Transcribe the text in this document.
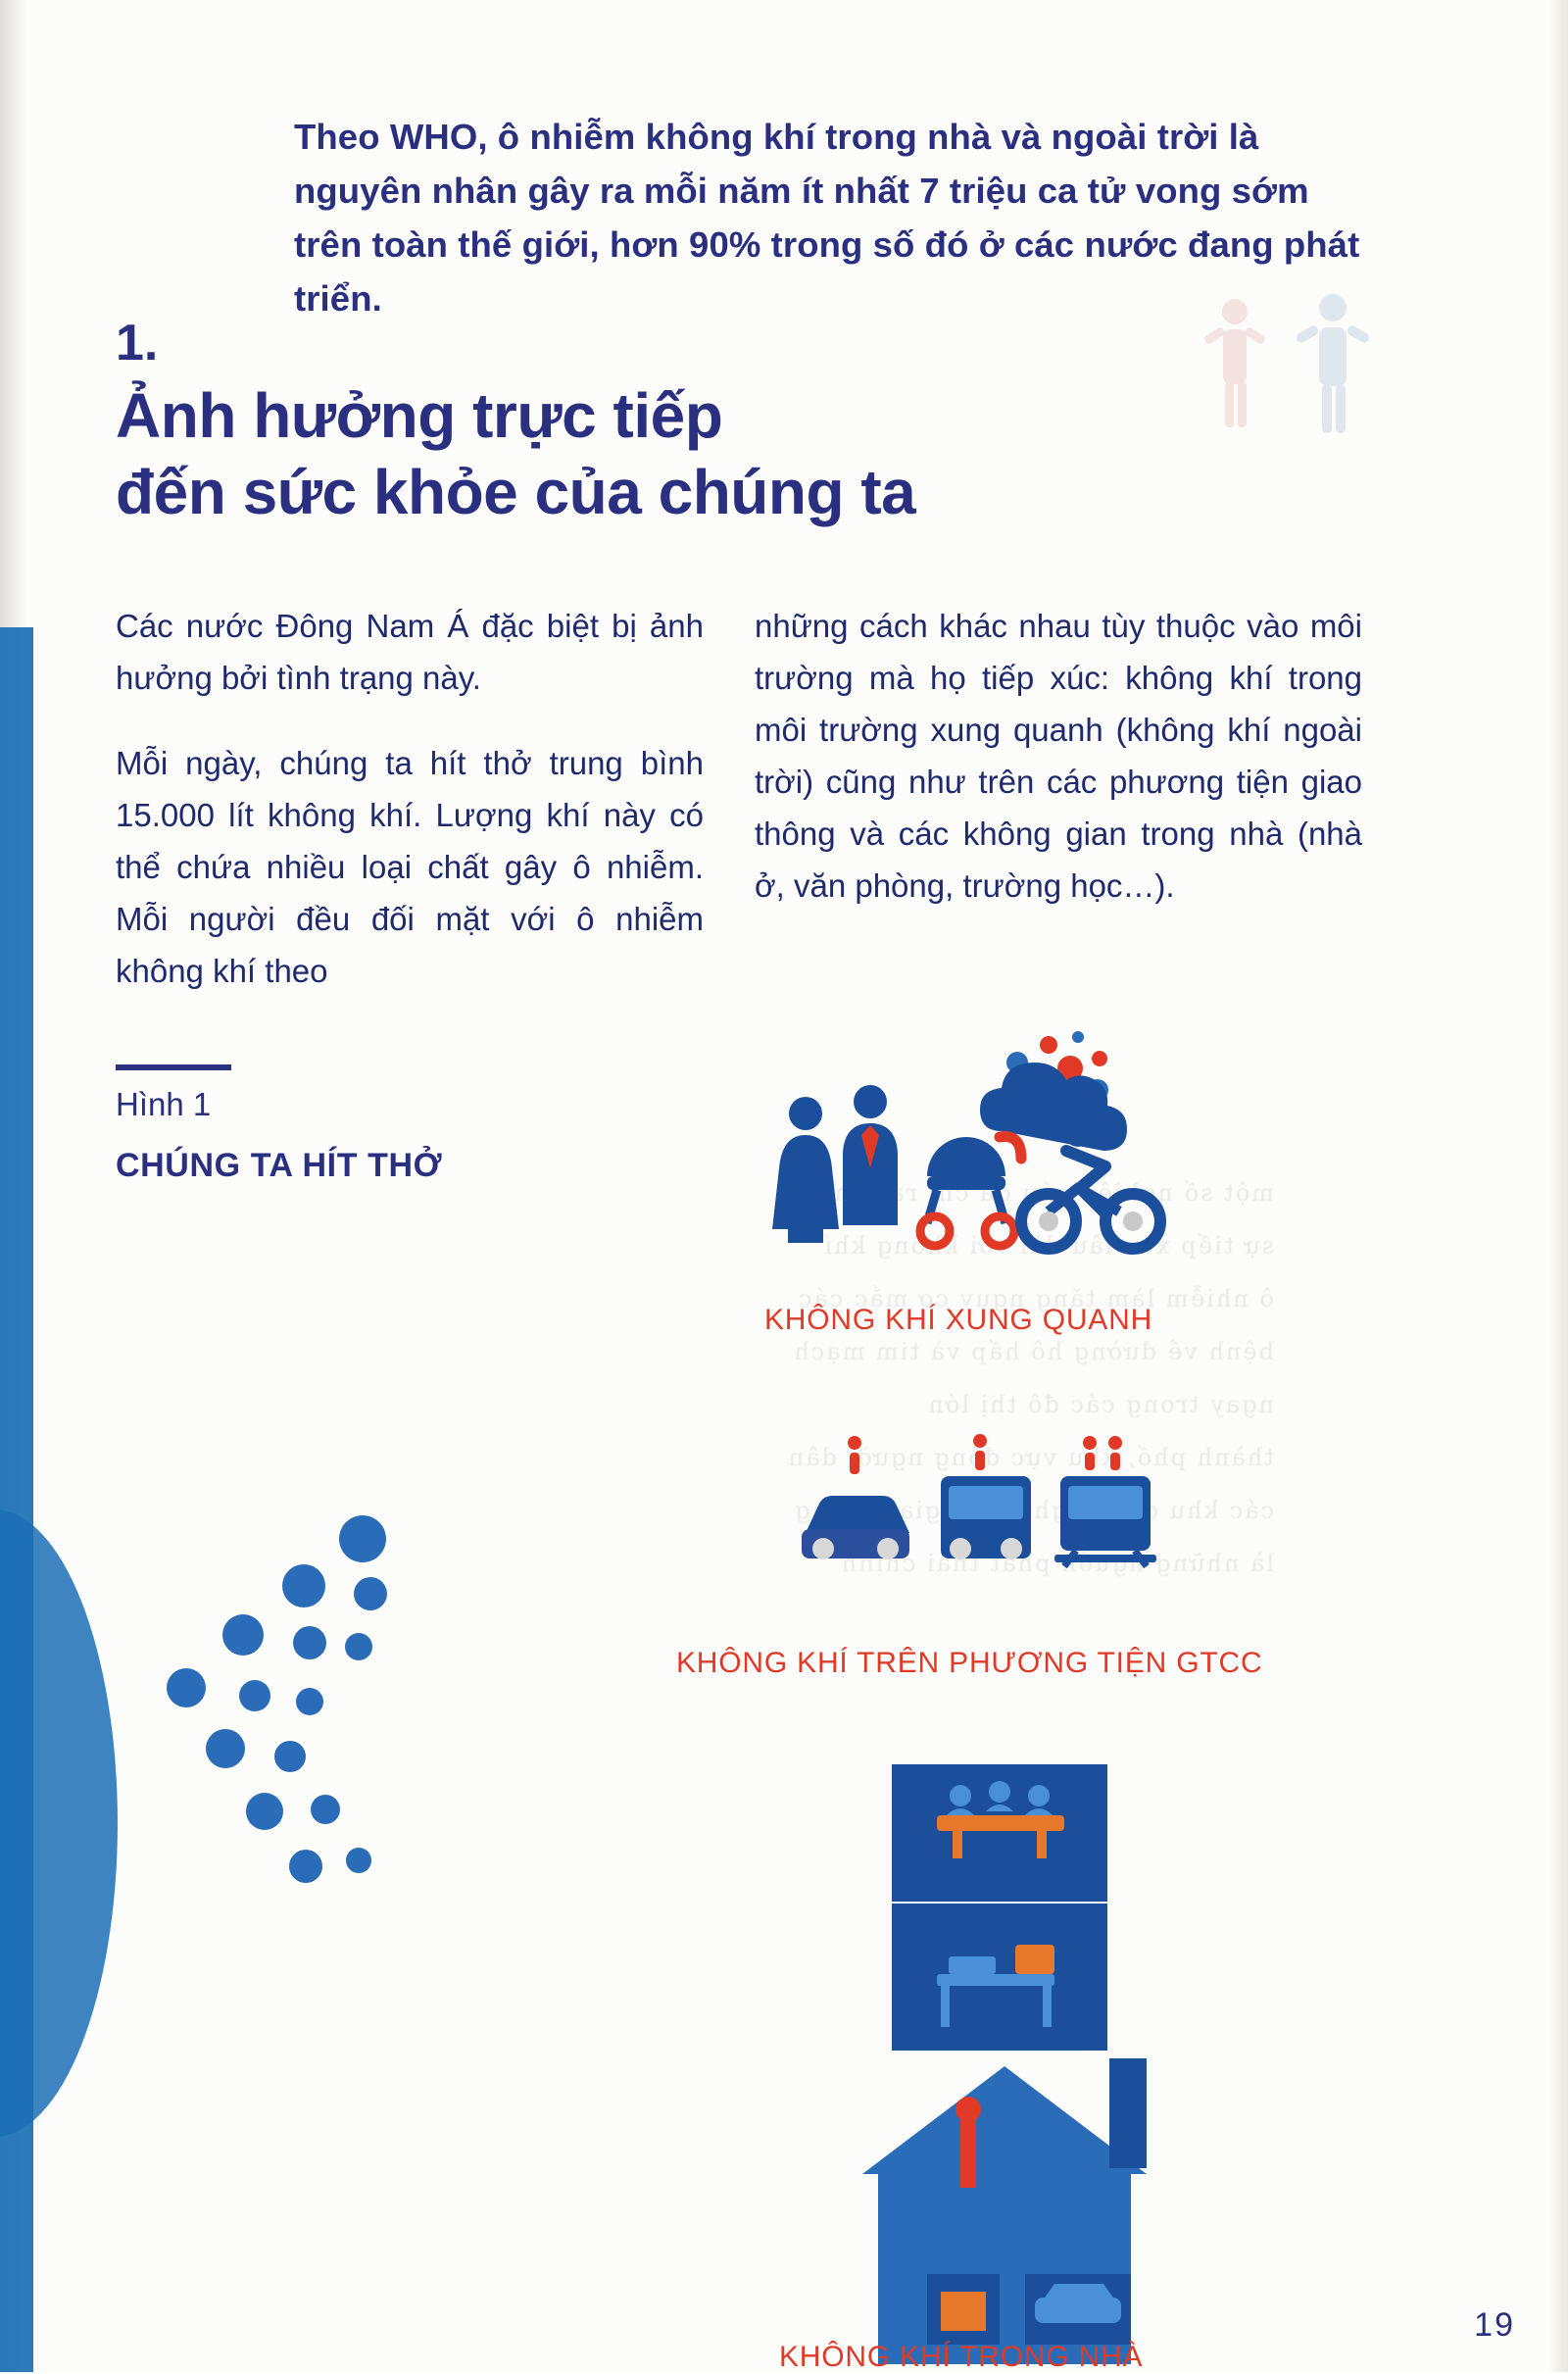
Theo WHO, ô nhiễm không khí trong nhà và ngoài trời là nguyên nhân gây ra mỗi năm ít nhất 7 triệu ca tử vong sớm trên toàn thế giới, hơn 90% trong số đó ở các nước đang phát triển.
1.
Ảnh hưởng trực tiếp
đến sức khỏe của chúng ta

Các nước Đông Nam Á đặc biệt bị ảnh hưởng bởi tình trạng này.

Mỗi ngày, chúng ta hít thở trung bình 15.000 lít không khí. Lượng khí này có thể chứa nhiều loại chất gây ô nhiễm. Mỗi người đều đối mặt với ô nhiễm không khí theo

những cách khác nhau tùy thuộc vào môi trường mà họ tiếp xúc: không khí trong môi trường xung quanh (không khí ngoài trời) cũng như trên các phương tiện giao thông và các không gian trong nhà (nhà ở, văn phòng, trường học…).

Hình 1
CHÚNG TA HÍT THỞ
KHÔNG KHÍ XUNG QUANH
KHÔNG KHÍ TRÊN PHƯƠNG TIỆN GTCC
KHÔNG KHÍ TRONG NHÀ
19
